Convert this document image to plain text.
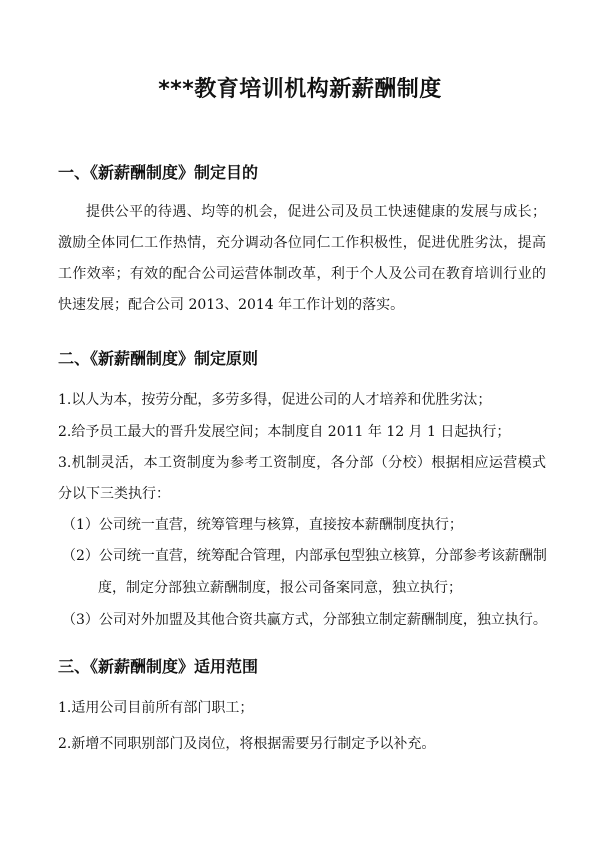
***教育培训机构新薪酬制度
一、《新薪酬制度》制定目的
提供公平的待遇、均等的机会，促进公司及员工快速健康的发展与成长；激励全体同仁工作热情，充分调动各位同仁工作积极性，促进优胜劣汰，提高工作效率；有效的配合公司运营体制改革，利于个人及公司在教育培训行业的快速发展；配合公司 2013、2014 年工作计划的落实。
二、《新薪酬制度》制定原则
1.以人为本，按劳分配，多劳多得，促进公司的人才培养和优胜劣汰；
2.给予员工最大的晋升发展空间；本制度自 2011 年 12 月 1 日起执行；
3.机制灵活，本工资制度为参考工资制度，各分部（分校）根据相应运营模式分以下三类执行：
（1）公司统一直营，统筹管理与核算，直接按本薪酬制度执行；
（2）公司统一直营，统筹配合管理，内部承包型独立核算，分部参考该薪酬制
度，制定分部独立薪酬制度，报公司备案同意，独立执行；
（3）公司对外加盟及其他合资共赢方式，分部独立制定薪酬制度，独立执行。
三、《新薪酬制度》适用范围
1.适用公司目前所有部门职工；
2.新增不同职别部门及岗位，将根据需要另行制定予以补充。
